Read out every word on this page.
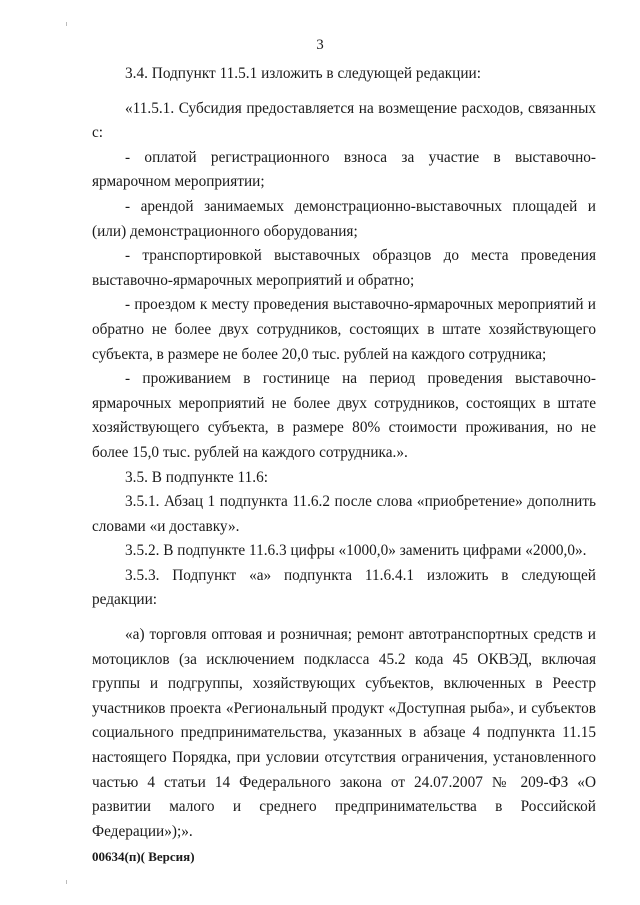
3

3.4. Подпункт 11.5.1 изложить в следующей редакции:

«11.5.1. Субсидия предоставляется на возмещение расходов, связанных с:

- оплатой регистрационного взноса за участие в выставочно-ярмарочном мероприятии;

- арендой занимаемых демонстрационно-выставочных площадей и (или) демонстрационного оборудования;

- транспортировкой выставочных образцов до места проведения выставочно-ярмарочных мероприятий и обратно;

- проездом к месту проведения выставочно-ярмарочных мероприятий и обратно не более двух сотрудников, состоящих в штате хозяйствующего субъекта, в размере не более 20,0 тыс. рублей на каждого сотрудника;

- проживанием в гостинице на период проведения выставочно-ярмарочных мероприятий не более двух сотрудников, состоящих в штате хозяйствующего субъекта, в размере 80% стоимости проживания, но не более 15,0 тыс. рублей на каждого сотрудника.».

3.5. В подпункте 11.6:

3.5.1. Абзац 1 подпункта 11.6.2 после слова «приобретение» дополнить словами «и доставку».

3.5.2. В подпункте 11.6.3 цифры «1000,0» заменить цифрами «2000,0».

3.5.3. Подпункт «а» подпункта 11.6.4.1 изложить в следующей редакции:

«а) торговля оптовая и розничная; ремонт автотранспортных средств и мотоциклов (за исключением подкласса 45.2 кода 45 ОКВЭД, включая группы и подгруппы, хозяйствующих субъектов, включенных в Реестр участников проекта «Региональный продукт «Доступная рыба», и субъектов социального предпринимательства, указанных в абзаце 4 подпункта 11.15 настоящего Порядка, при условии отсутствия ограничения, установленного частью 4 статьи 14 Федерального закона от 24.07.2007 № 209-ФЗ «О развитии малого и среднего предпринимательства в Российской Федерации»);».

00634(п)( Версия)
